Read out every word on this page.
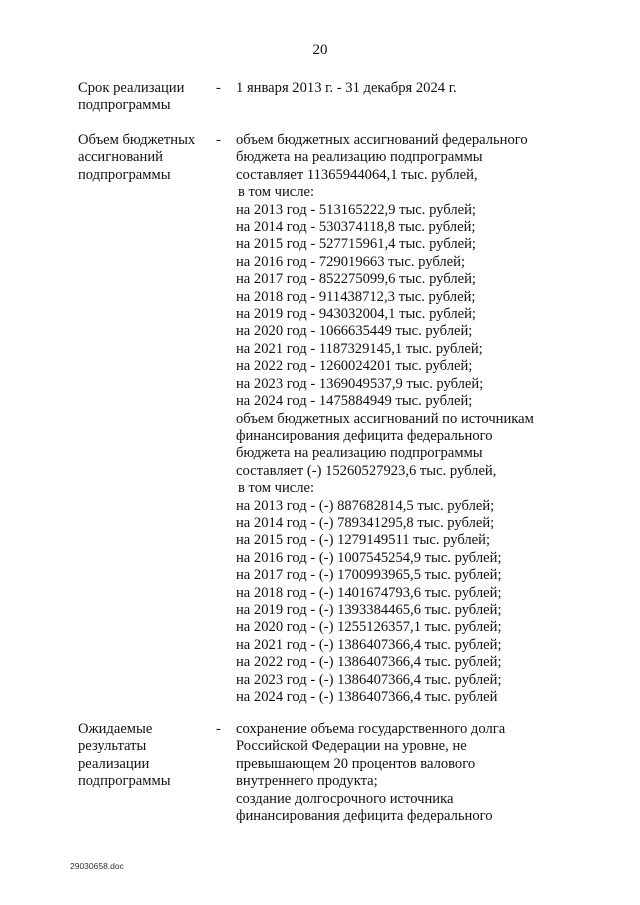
20
Срок реализации
подпрограммы
- 1 января 2013 г. - 31 декабря 2024 г.
Объем бюджетных
ассигнований
подпрограммы
- объем бюджетных ассигнований федерального
бюджета на реализацию подпрограммы
составляет 11365944064,1 тыс. рублей,
в том числе:
на 2013 год - 513165222,9 тыс. рублей;
на 2014 год - 530374118,8 тыс. рублей;
на 2015 год - 527715961,4 тыс. рублей;
на 2016 год - 729019663 тыс. рублей;
на 2017 год - 852275099,6 тыс. рублей;
на 2018 год - 911438712,3 тыс. рублей;
на 2019 год - 943032004,1 тыс. рублей;
на 2020 год - 1066635449 тыс. рублей;
на 2021 год - 1187329145,1 тыс. рублей;
на 2022 год - 1260024201 тыс. рублей;
на 2023 год - 1369049537,9 тыс. рублей;
на 2024 год - 1475884949 тыс. рублей;
объем бюджетных ассигнований по источникам
финансирования дефицита федерального
бюджета на реализацию подпрограммы
составляет (-) 15260527923,6 тыс. рублей,
в том числе:
на 2013 год - (-) 887682814,5 тыс. рублей;
на 2014 год - (-) 789341295,8 тыс. рублей;
на 2015 год - (-) 1279149511 тыс. рублей;
на 2016 год - (-) 1007545254,9 тыс. рублей;
на 2017 год - (-) 1700993965,5 тыс. рублей;
на 2018 год - (-) 1401674793,6 тыс. рублей;
на 2019 год - (-) 1393384465,6 тыс. рублей;
на 2020 год - (-) 1255126357,1 тыс. рублей;
на 2021 год - (-) 1386407366,4 тыс. рублей;
на 2022 год - (-) 1386407366,4 тыс. рублей;
на 2023 год - (-) 1386407366,4 тыс. рублей;
на 2024 год - (-) 1386407366,4 тыс. рублей
Ожидаемые
результаты
реализации
подпрограммы
- сохранение объема государственного долга
Российской Федерации на уровне, не
превышающем 20 процентов валового
внутреннего продукта;
создание долгосрочного источника
финансирования дефицита федерального
29030658.doc
